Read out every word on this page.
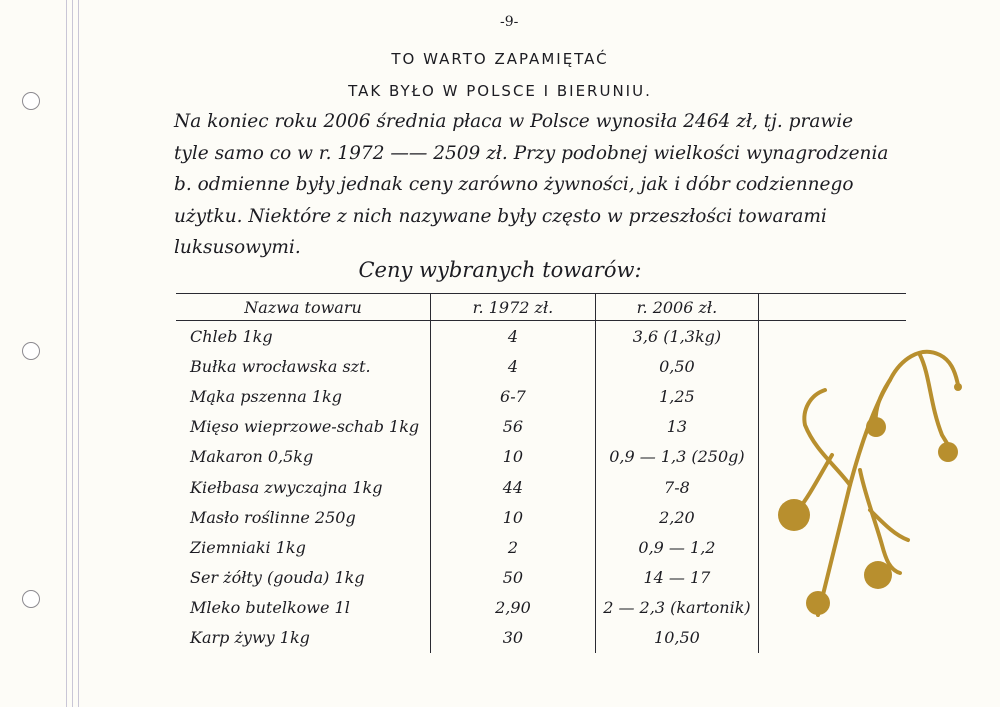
-9-
TO WARTO ZAPAMIĘTAĆ
TAK BYŁO W POLSCE I BIERUNIU.
Na koniec roku 2006 średnia płaca w Polsce wynosiła 2464 zł, tj. prawie
tyle samo co w r. 1972 —— 2509 zł. Przy podobnej wielkości wynagrodzenia
b. odmienne były jednak ceny zarówno żywności, jak i dóbr codziennego
użytku. Niektóre z nich nazywane były często w przeszłości towarami
luksusowymi.
Ceny wybranych towarów:
Nazwa towaru	r. 1972 zł.	r. 2006 zł.	
Chleb 1kg	4	3,6 (1,3kg)	
Bułka wrocławska szt.	4	0,50	
Mąka pszenna 1kg	6-7	1,25	
Mięso wieprzowe-schab 1kg	56	13	
Makaron 0,5kg	10	0,9 — 1,3 (250g)	
Kiełbasa zwyczajna 1kg	44	7-8	
Masło roślinne 250g	10	2,20	
Ziemniaki 1kg	2	0,9 — 1,2	
Ser żółty (gouda) 1kg	50	14 — 17	
Mleko butelkowe 1l	2,90	2 — 2,3 (kartonik)	
Karp żywy 1kg	30	10,50	
